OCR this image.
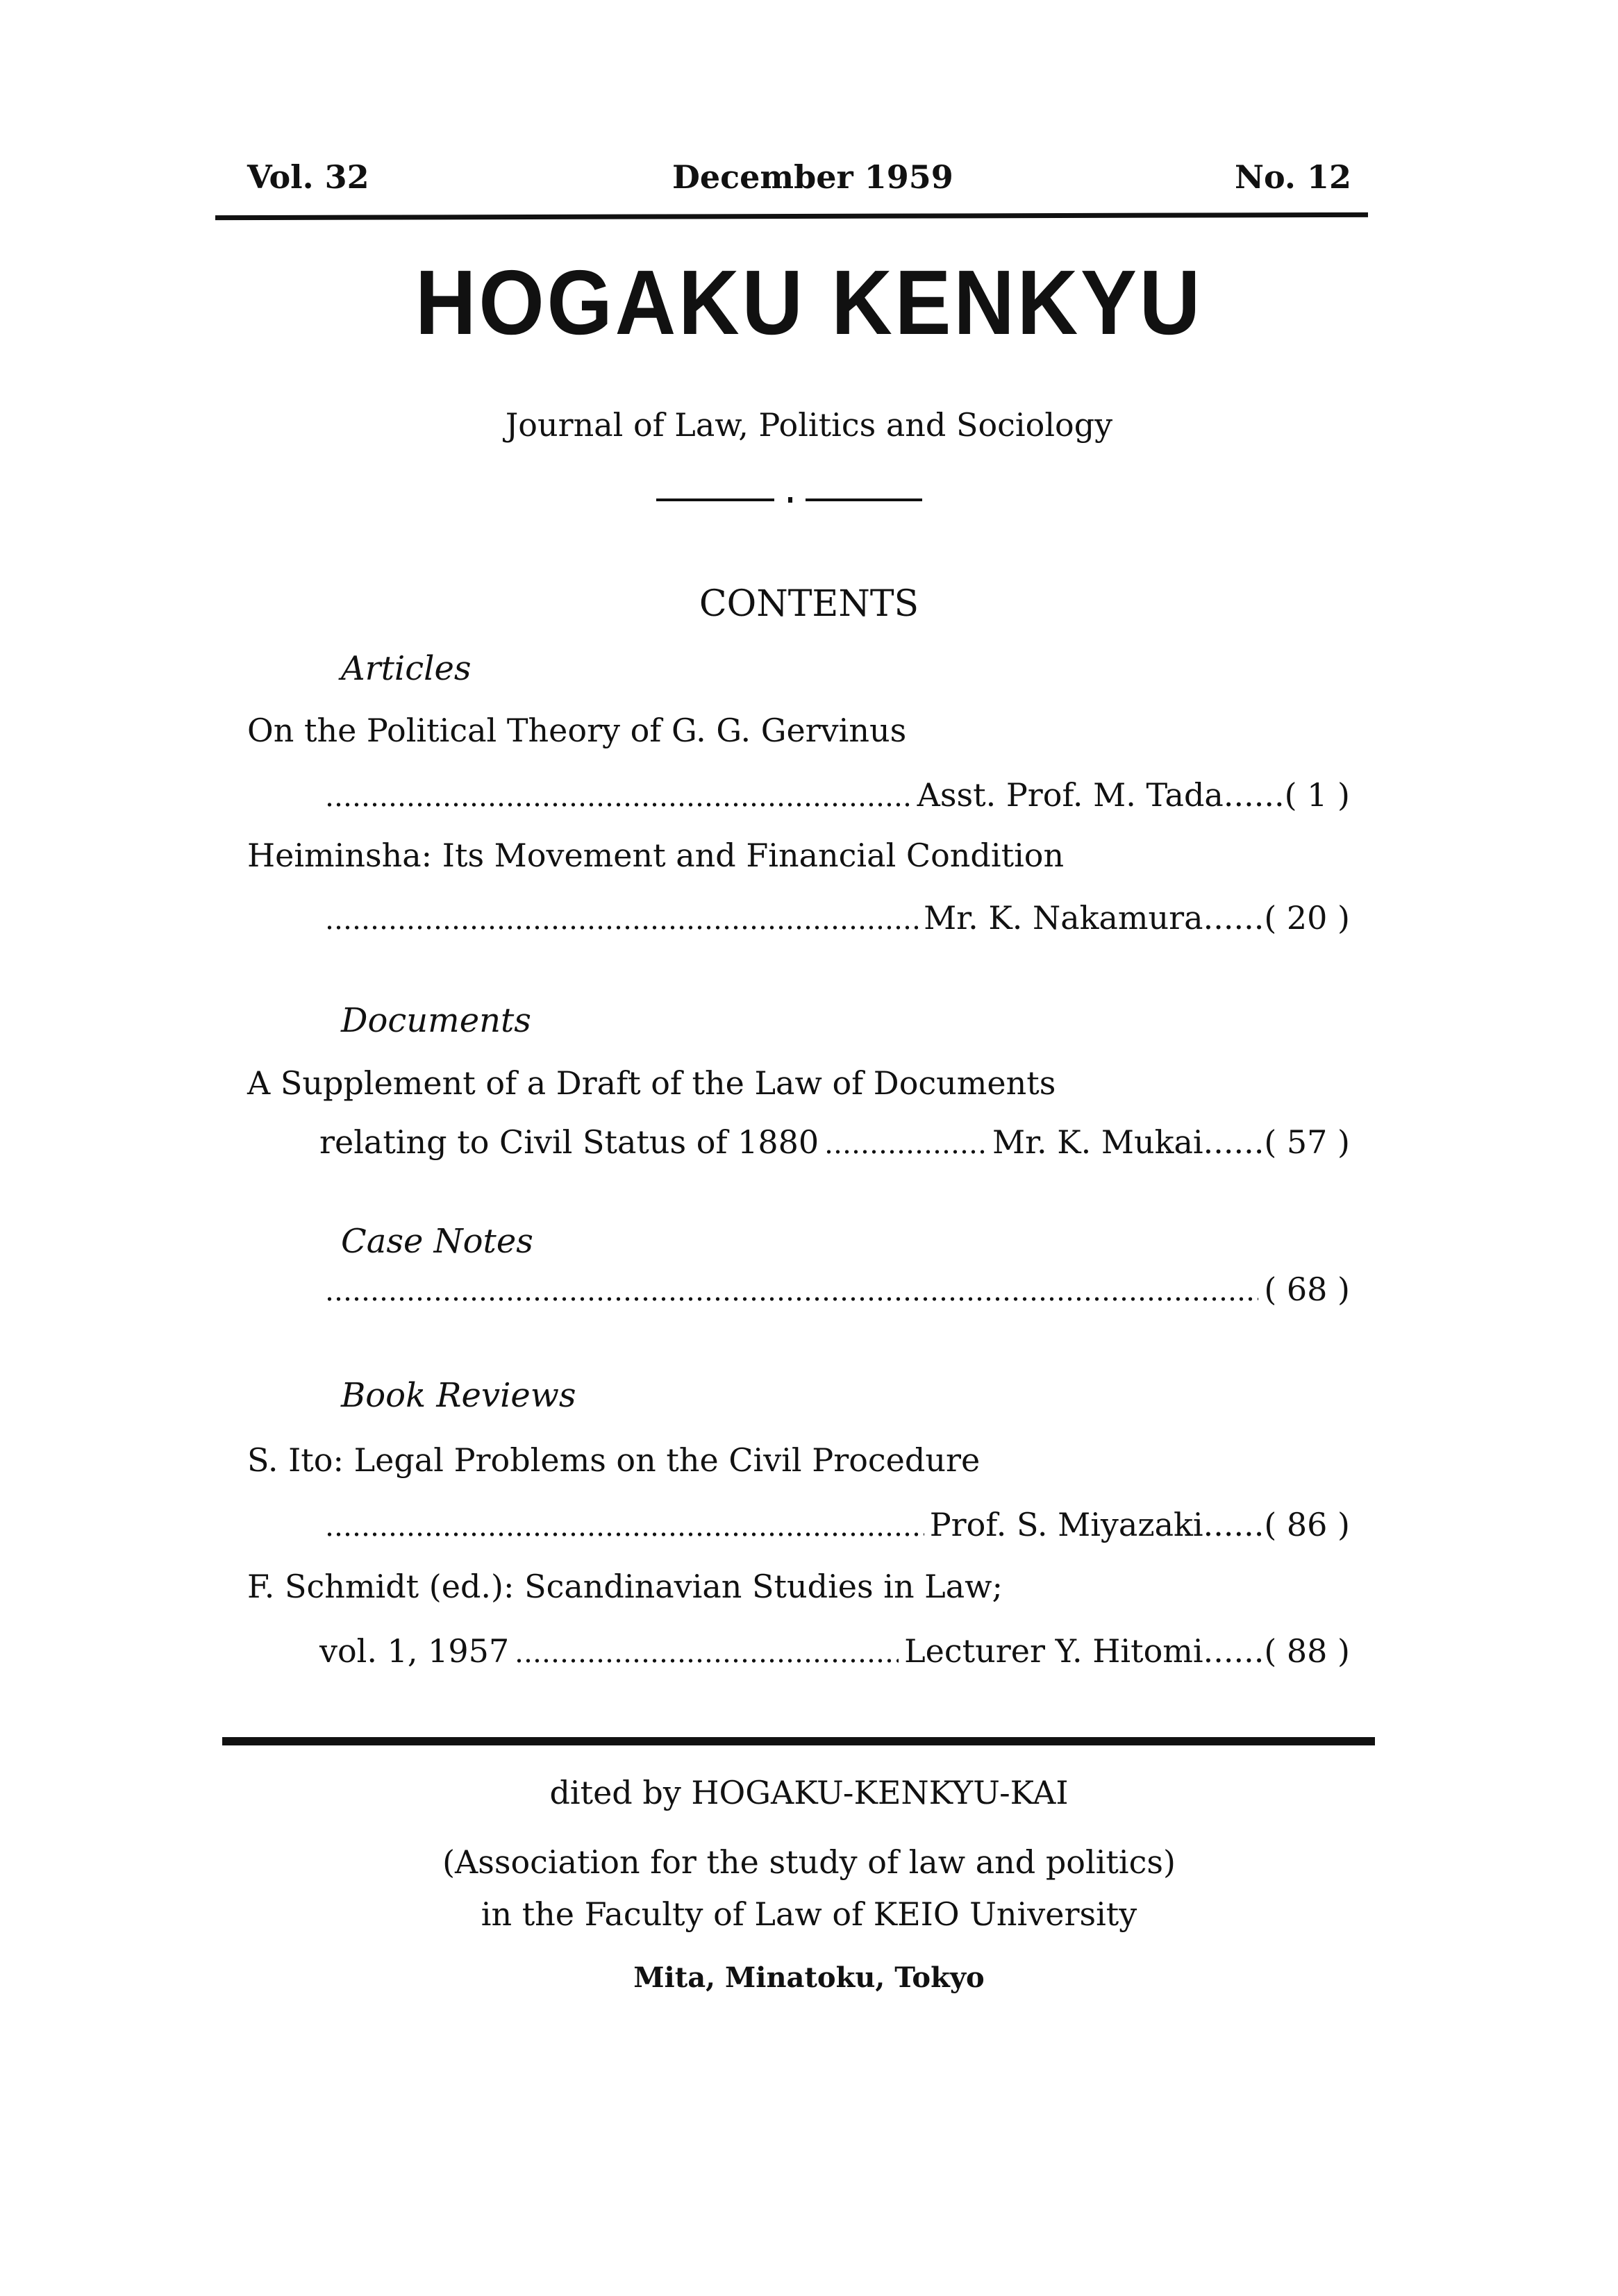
Vol. 32	December 1959	No. 12
HOGAKU KENKYU
Journal of Law, Politics and Sociology
CONTENTS
Articles
On the Political Theory of G. G. Gervinus
Asst. Prof. M. Tada...... ( 1 )
Heiminsha: Its Movement and Financial Condition
Mr. K. Nakamura...... ( 20 )
Documents
A Supplement of a Draft of the Law of Documents
relating to Civil Status of 1880	Mr. K. Mukai...... ( 57 )
Case Notes
( 68 )
Book Reviews
S. Ito: Legal Problems on the Civil Procedure
Prof. S. Miyazaki...... ( 86 )
F. Schmidt (ed.): Scandinavian Studies in Law;
vol. 1, 1957	Lecturer Y. Hitomi...... ( 88 )
dited by HOGAKU-KENKYU-KAI
(Association for the study of law and politics)
in the Faculty of Law of KEIO University
Mita, Minatoku, Tokyo
